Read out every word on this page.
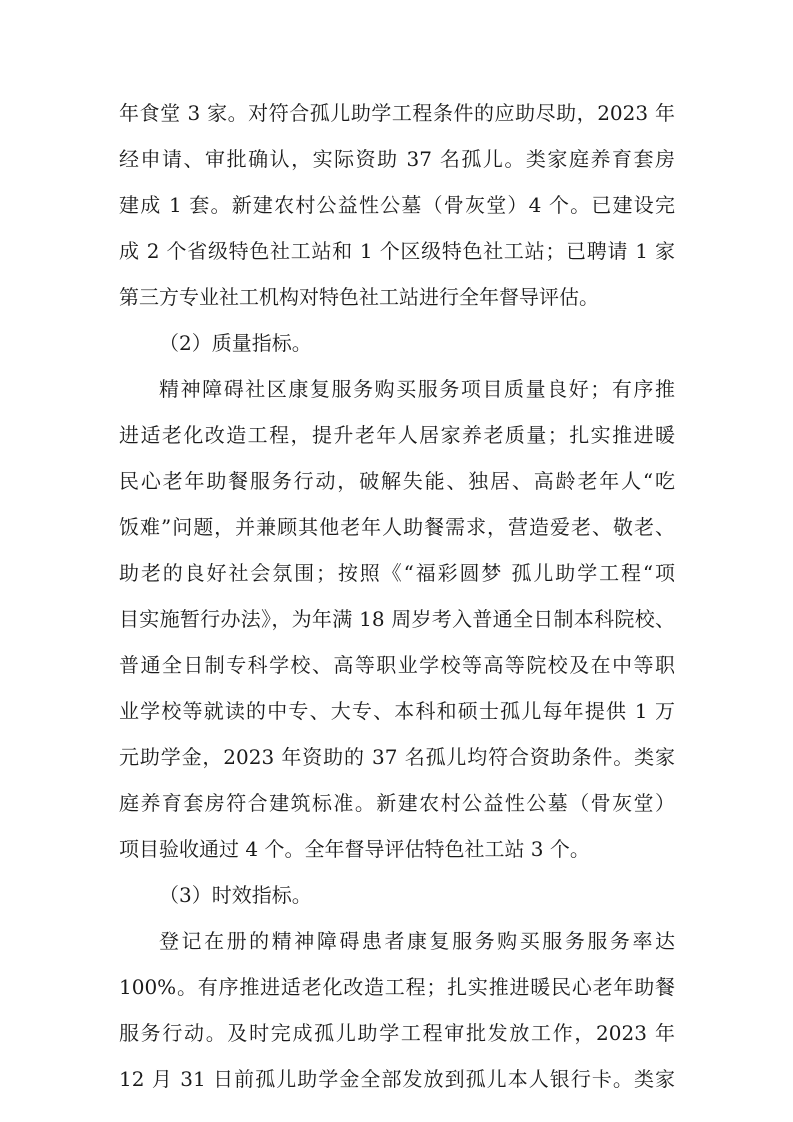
年食堂 3 家。对符合孤儿助学工程条件的应助尽助，2023 年
经申请、审批确认，实际资助 37 名孤儿。类家庭养育套房
建成 1 套。新建农村公益性公墓（骨灰堂）4 个。已建设完
成 2 个省级特色社工站和 1 个区级特色社工站；已聘请 1 家
第三方专业社工机构对特色社工站进行全年督导评估。
（2）质量指标。
精神障碍社区康复服务购买服务项目质量良好；有序推
进适老化改造工程，提升老年人居家养老质量；扎实推进暖
民心老年助餐服务行动，破解失能、独居、高龄老年人“吃
饭难”问题，并兼顾其他老年人助餐需求，营造爱老、敬老、
助老的良好社会氛围；按照《“福彩圆梦 孤儿助学工程“项
目实施暂行办法》，为年满 18 周岁考入普通全日制本科院校、
普通全日制专科学校、高等职业学校等高等院校及在中等职
业学校等就读的中专、大专、本科和硕士孤儿每年提供 1 万
元助学金，2023 年资助的 37 名孤儿均符合资助条件。类家
庭养育套房符合建筑标准。新建农村公益性公墓（骨灰堂）
项目验收通过 4 个。全年督导评估特色社工站 3 个。
（3）时效指标。
登记在册的精神障碍患者康复服务购买服务服务率达
100%。有序推进适老化改造工程；扎实推进暖民心老年助餐
服务行动。及时完成孤儿助学工程审批发放工作，2023 年
12 月 31 日前孤儿助学金全部发放到孤儿本人银行卡。类家
